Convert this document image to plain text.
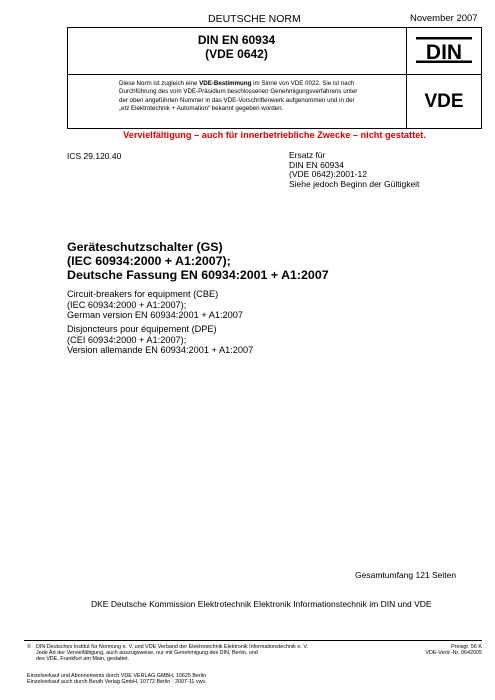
DEUTSCHE NORM	November 2007
DIN EN 60934
(VDE 0642)
Diese Norm ist zugleich eine VDE-Bestimmung im Sinne von VDE 0022. Sie ist nach
Durchführung des vom VDE-Präsidium beschlossenen Genehmigungsverfahrens unter
der oben angeführten Nummer in das VDE-Vorschriftenwerk aufgenommen und in der
„etz Elektrotechnik + Automation“ bekannt gegeben worden.
DIN
VDE
Vervielfältigung – auch für innerbetriebliche Zwecke – nicht gestattet.
ICS 29.120.40	Ersatz für
DIN EN 60934
(VDE 0642):2001-12
Siehe jedoch Beginn der Gültigkeit
Geräteschutzschalter (GS)
(IEC 60934:2000 + A1:2007);
Deutsche Fassung EN 60934:2001 + A1:2007
Circuit-breakers for equipment (CBE)
(IEC 60934:2000 + A1:2007);
German version EN 60934:2001 + A1:2007
Disjoncteurs pour équipement (DPE)
(CEI 60934:2000 + A1:2007);
Version allemande EN 60934:2001 + A1:2007
Gesamtumfang 121 Seiten
DKE Deutsche Kommission Elektrotechnik Elektronik Informationstechnik im DIN und VDE
© DIN Deutsches Institut für Normung e. V. und VDE Verband der Elektrotechnik Elektronik Informationstechnik e. V.
Jede Art der Vervielfältigung, auch auszugsweise, nur mit Genehmigung des DIN, Berlin, und
des VDE, Frankfurt am Main, gestattet.
Preisgr. 56 K
VDE-Vertr.-Nr. 0642005
Einzelverkauf und Abonnements durch VDE VERLAG GMBH, 10625 Berlin
Einzelverkauf auch durch Beuth Verlag GmbH, 10772 Berlin · 2007-11 vwu
